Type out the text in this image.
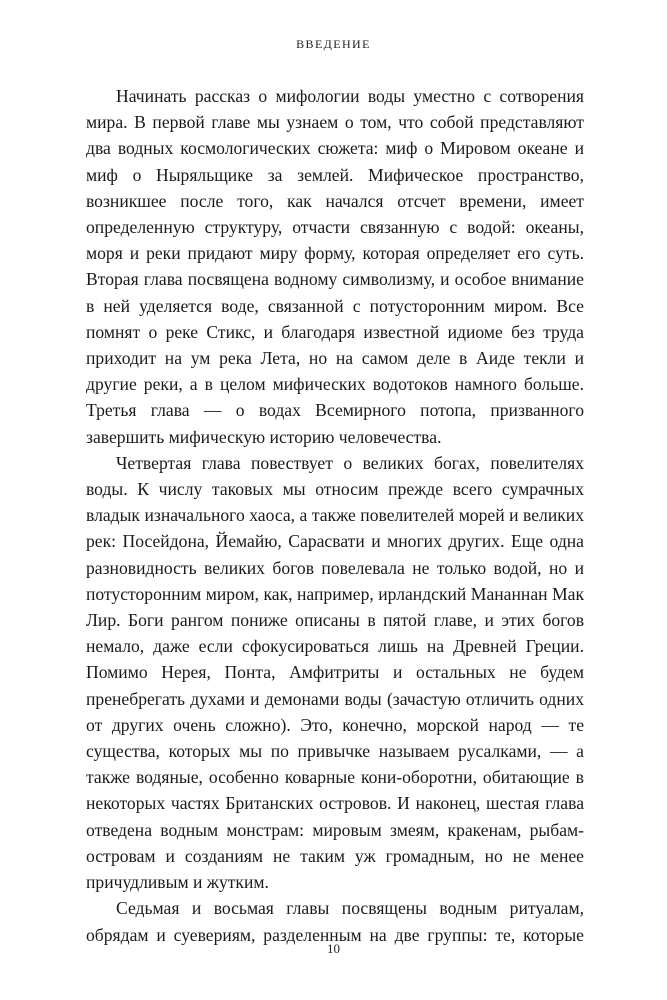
ВВЕДЕНИЕ

Начинать рассказ о мифологии воды уместно с сотворения мира. В первой главе мы узнаем о том, что собой представляют два водных космологических сюжета: миф о Мировом океане и миф о Ныряльщике за землей. Мифическое пространство, возникшее после того, как начался отсчет времени, имеет определенную структуру, отчасти связанную с водой: океаны, моря и реки придают миру форму, которая определяет его суть. Вторая глава посвящена водному символизму, и особое внимание в ней уделяется воде, связанной с потусторонним миром. Все помнят о реке Стикс, и благодаря известной идиоме без труда приходит на ум река Лета, но на самом деле в Аиде текли и другие реки, а в целом мифических водотоков намного больше. Третья глава — о водах Всемирного потопа, призванного завершить мифическую историю человечества.

Четвертая глава повествует о великих богах, повелителях воды. К числу таковых мы относим прежде всего сумрачных владык изначального хаоса, а также повелителей морей и великих рек: Посейдона, Йемайю, Сарасвати и многих других. Еще одна разновидность великих богов повелевала не только водой, но и потусторонним миром, как, например, ирландский Мананнан Мак Лир. Боги рангом пониже описаны в пятой главе, и этих богов немало, даже если сфокусироваться лишь на Древней Греции. Помимо Нерея, Понта, Амфитриты и остальных не будем пренебрегать духами и демонами воды (зачастую отличить одних от других очень сложно). Это, конечно, морской народ — те существа, которых мы по привычке называем русалками, — а также водяные, особенно коварные кони-оборотни, обитающие в некоторых частях Британских островов. И наконец, шестая глава отведена водным монстрам: мировым змеям, кракенам, рыбам-островам и созданиям не таким уж громадным, но не менее причудливым и жутким.

Седьмая и восьмая главы посвящены водным ритуалам, обрядам и суевериям, разделенным на две группы: те, которые

10
